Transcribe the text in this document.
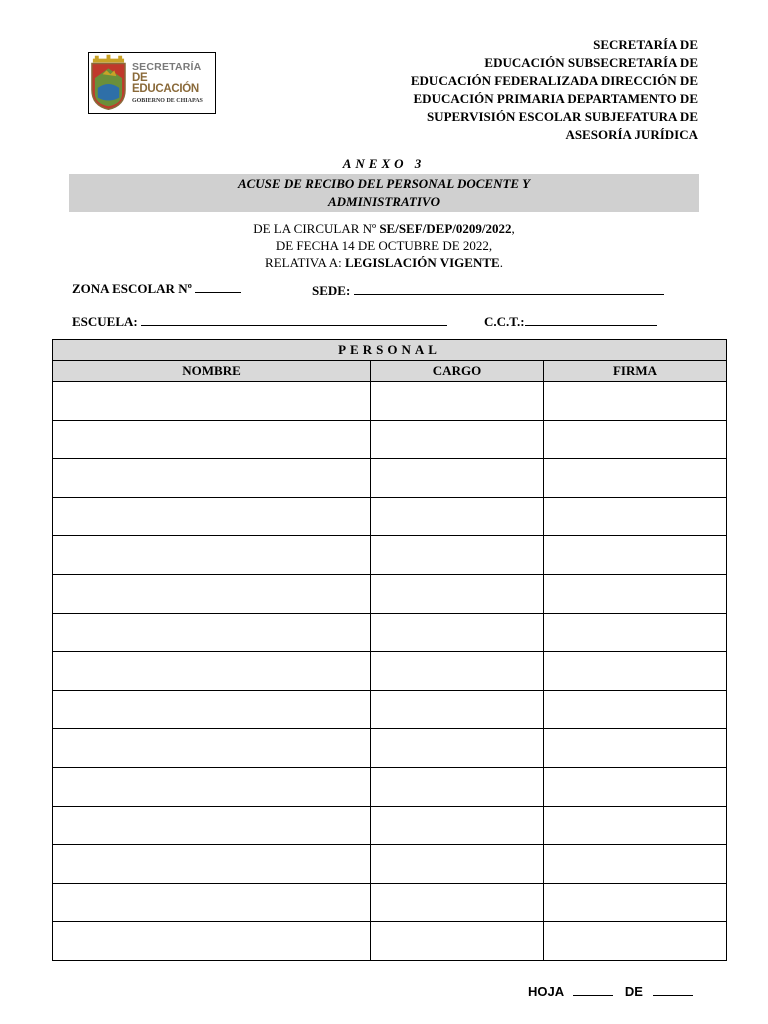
SECRETARÍA
DE EDUCACIÓN
GOBIERNO DE CHIAPAS
SECRETARÍA DE
EDUCACIÓN SUBSECRETARÍA DE
EDUCACIÓN FEDERALIZADA DIRECCIÓN DE
EDUCACIÓN PRIMARIA DEPARTAMENTO DE
SUPERVISIÓN ESCOLAR SUBJEFATURA DE
ASESORÍA JURÍDICA
ANEXO 3
ACUSE DE RECIBO DEL PERSONAL DOCENTE Y
ADMINISTRATIVO
DE LA CIRCULAR Nº SE/SEF/DEP/0209/2022,
DE FECHA 14 DE OCTUBRE DE 2022,
RELATIVA A: LEGISLACIÓN VIGENTE.
ZONA ESCOLAR Nº	SEDE:
ESCUELA:	C.C.T.:
PERSONAL		
NOMBRE	CARGO	FIRMA

HOJA	DE
